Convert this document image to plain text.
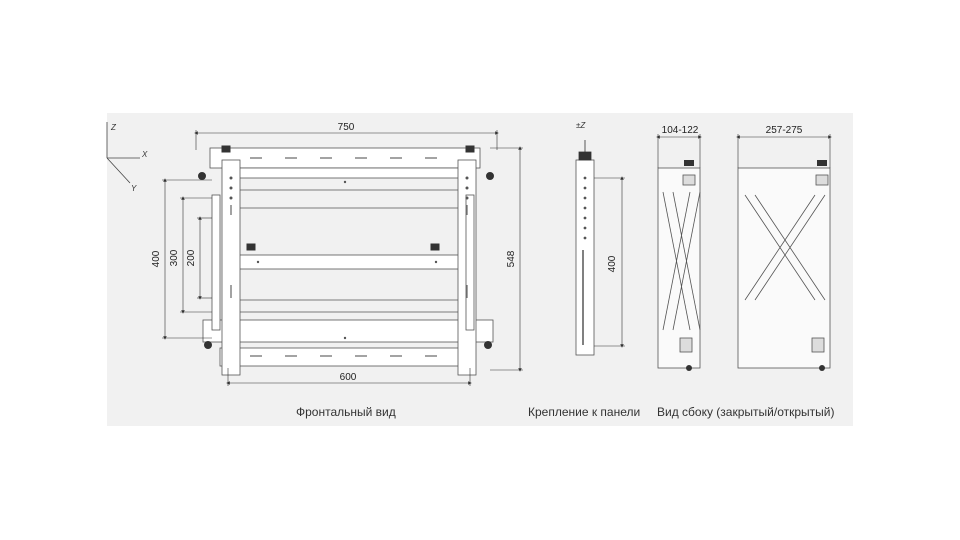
Z
X
Y
750
600
548
400 300 200
±Z
400
104-122	257-275
Фронтальный вид	Крепление к панели Вид сбоку (закрытый/открытый)
